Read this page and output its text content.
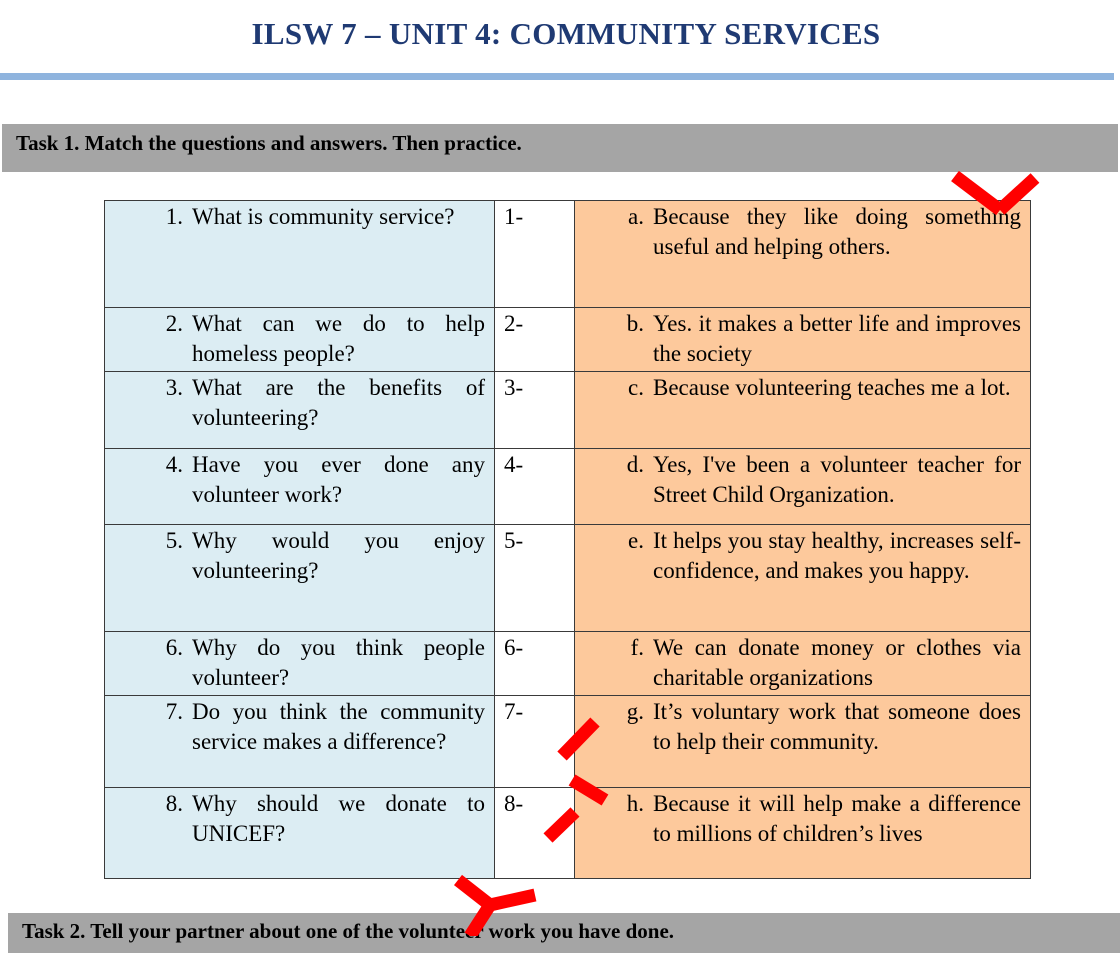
ILSW 7 – UNIT 4: COMMUNITY SERVICES
Task 1. Match the questions and answers. Then practice.
1. What is community service?	1-	a. Because they like doing something useful and helping others.

2. What can we do to help homeless people?	2-	b. Yes. it makes a better life and improves the society

3. What are the benefits of volunteering?	3-	c. Because volunteering teaches me a lot.

4. Have you ever done any volunteer work?	4-	d. Yes, I've been a volunteer teacher for Street Child Organization.

5. Why would you enjoy volunteering?	5-	e. It helps you stay healthy, increases self-confidence, and makes you happy.

6. Why do you think people volunteer?	6-	f. We can donate money or clothes via charitable organizations

7. Do you think the community service makes a difference?	7-	g. It’s voluntary work that someone does to help their community.

8. Why should we donate to UNICEF?	8-	h. Because it will help make a difference to millions of children’s lives
Task 2. Tell your partner about one of the volunteer work you have done.
